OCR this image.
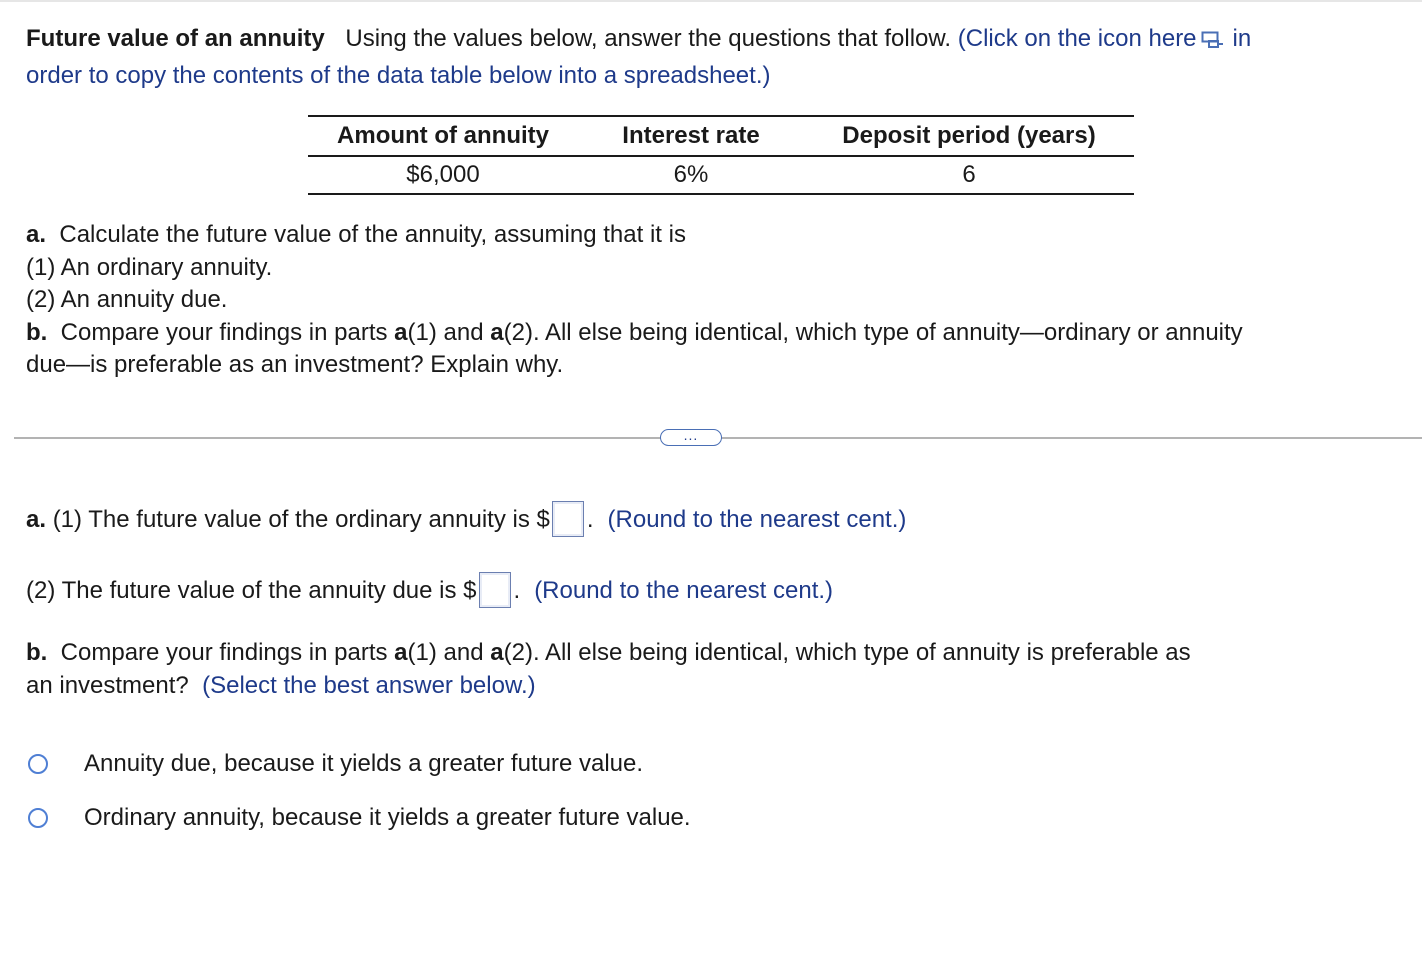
Future value of an annuity Using the values below, answer the questions that follow. (Click on the icon here in
order to copy the contents of the data table below into a spreadsheet.)
Amount of annuity	Interest rate	Deposit period (years)
$6,000	6%	6

a. Calculate the future value of the annuity, assuming that it is

(1) An ordinary annuity.

(2) An annuity due.

b. Compare your findings in parts a(1) and a(2). All else being identical, which type of annuity—ordinary or annuity
due—is preferable as an investment? Explain why.

...
a. (1) The future value of the ordinary annuity is $ . (Round to the nearest cent.)
(2) The future value of the annuity due is $ . (Round to the nearest cent.)

b. Compare your findings in parts a(1) and a(2). All else being identical, which type of annuity is preferable as

an investment? (Select the best answer below.)

Annuity due, because it yields a greater future value.
Ordinary annuity, because it yields a greater future value.
